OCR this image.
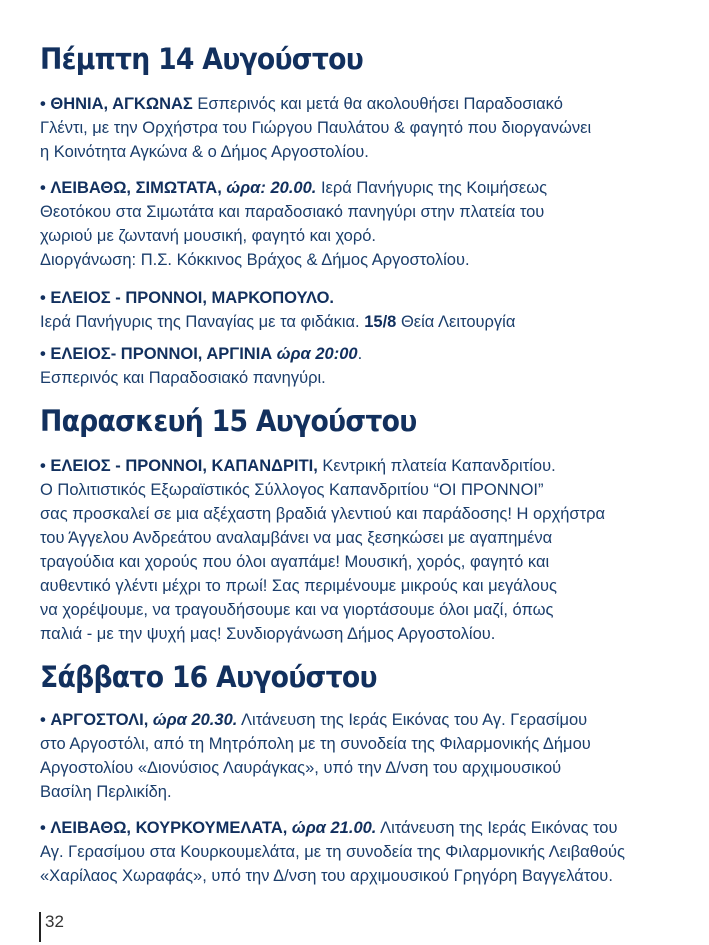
Πέμπτη 14 Αυγούστου
• ΘΗΝΙΑ, ΑΓΚΩΝΑΣ Εσπερινός και μετά θα ακολουθήσει Παραδοσιακό
Γλέντι, με την Ορχήστρα του Γιώργου Παυλάτου & φαγητό που διοργανώνει
η Κοινότητα Αγκώνα & ο Δήμος Αργοστολίου.
• ΛΕΙΒΑΘΩ, ΣΙΜΩΤΑΤΑ, ώρα: 20.00. Ιερά Πανήγυρις της Κοιμήσεως
Θεοτόκου στα Σιμωτάτα και παραδοσιακό πανηγύρι στην πλατεία του
χωριού με ζωντανή μουσική, φαγητό και χορό.
Διοργάνωση: Π.Σ. Κόκκινος Βράχος & Δήμος Αργοστολίου.
• ΕΛΕΙΟΣ - ΠΡΟΝΝΟΙ, ΜΑΡΚΟΠΟΥΛΟ.
Ιερά Πανήγυρις της Παναγίας με τα φιδάκια. 15/8 Θεία Λειτουργία
• ΕΛΕΙΟΣ- ΠΡΟΝΝΟΙ, ΑΡΓΙΝΙΑ ώρα 20:00.
Εσπερινός και Παραδοσιακό πανηγύρι.
Παρασκευή 15 Αυγούστου
• ΕΛΕΙΟΣ - ΠΡΟΝΝΟΙ, ΚΑΠΑΝΔΡΙΤΙ, Κεντρική πλατεία Καπανδριτίου.
Ο Πολιτιστικός Εξωραϊστικός Σύλλογος Καπανδριτίου “ΟΙ ΠΡΟΝΝΟΙ”
σας προσκαλεί σε μια αξέχαστη βραδιά γλεντιού και παράδοσης! Η ορχήστρα
του Άγγελου Ανδρεάτου αναλαμβάνει να μας ξεσηκώσει με αγαπημένα
τραγούδια και χορούς που όλοι αγαπάμε! Μουσική, χορός, φαγητό και
αυθεντικό γλέντι μέχρι το πρωί! Σας περιμένουμε μικρούς και μεγάλους
να χορέψουμε, να τραγουδήσουμε και να γιορτάσουμε όλοι μαζί, όπως
παλιά - με την ψυχή μας! Συνδιοργάνωση Δήμος Αργοστολίου.
Σάββατο 16 Αυγούστου
• ΑΡΓΟΣΤΟΛΙ, ώρα 20.30. Λιτάνευση της Ιεράς Εικόνας του Αγ. Γερασίμου
στο Αργοστόλι, από τη Μητρόπολη με τη συνοδεία της Φιλαρμονικής Δήμου
Αργοστολίου «Διονύσιος Λαυράγκας», υπό την Δ/νση του αρχιμουσικού
Βασίλη Περλικίδη.
• ΛΕΙΒΑΘΩ, ΚΟΥΡΚΟΥΜΕΛΑΤΑ, ώρα 21.00. Λιτάνευση της Ιεράς Εικόνας του
Αγ. Γερασίμου στα Κουρκουμελάτα, με τη συνοδεία της Φιλαρμονικής Λειβαθούς
«Χαρίλαος Χωραφάς», υπό την Δ/νση του αρχιμουσικού Γρηγόρη Βαγγελάτου.
32
